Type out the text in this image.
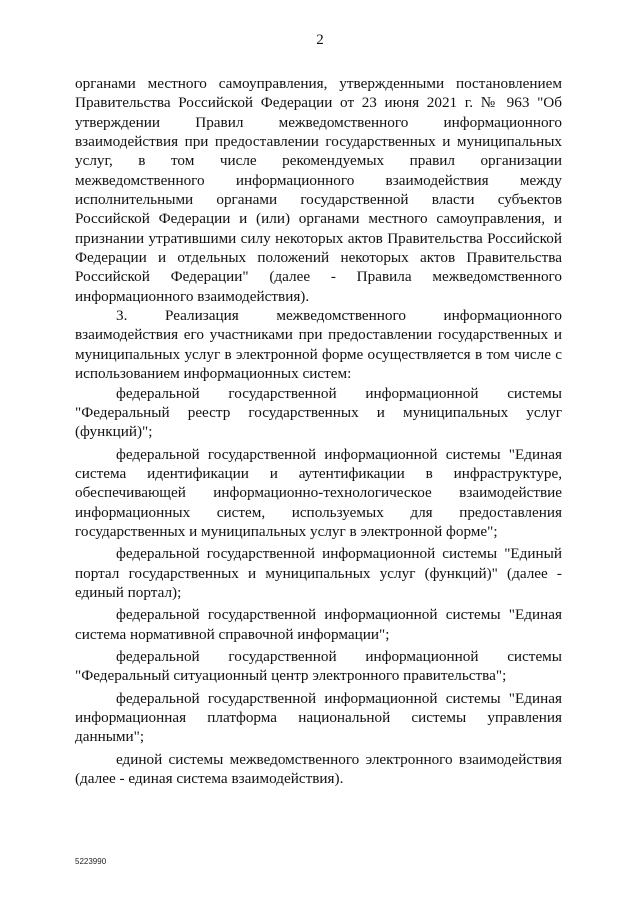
2

органами местного самоуправления, утвержденными постановлением Правительства Российской Федерации от 23 июня 2021 г. № 963 "Об утверждении Правил межведомственного информационного взаимодействия при предоставлении государственных и муниципальных услуг, в том числе рекомендуемых правил организации межведомственного информационного взаимодействия между исполнительными органами государственной власти субъектов Российской Федерации и (или) органами местного самоуправления, и признании утратившими силу некоторых актов Правительства Российской Федерации и отдельных положений некоторых актов Правительства Российской Федерации" (далее - Правила межведомственного информационного взаимодействия).

3. Реализация межведомственного информационного взаимодействия его участниками при предоставлении государственных и муниципальных услуг в электронной форме осуществляется в том числе с использованием информационных систем:

федеральной государственной информационной системы "Федеральный реестр государственных и муниципальных услуг (функций)";

федеральной государственной информационной системы "Единая система идентификации и аутентификации в инфраструктуре, обеспечивающей информационно-технологическое взаимодействие информационных систем, используемых для предоставления государственных и муниципальных услуг в электронной форме";

федеральной государственной информационной системы "Единый портал государственных и муниципальных услуг (функций)" (далее - единый портал);

федеральной государственной информационной системы "Единая система нормативной справочной информации";

федеральной государственной информационной системы "Федеральный ситуационный центр электронного правительства";

федеральной государственной информационной системы "Единая информационная платформа национальной системы управления данными";

единой системы межведомственного электронного взаимодействия (далее - единая система взаимодействия).

5223990
